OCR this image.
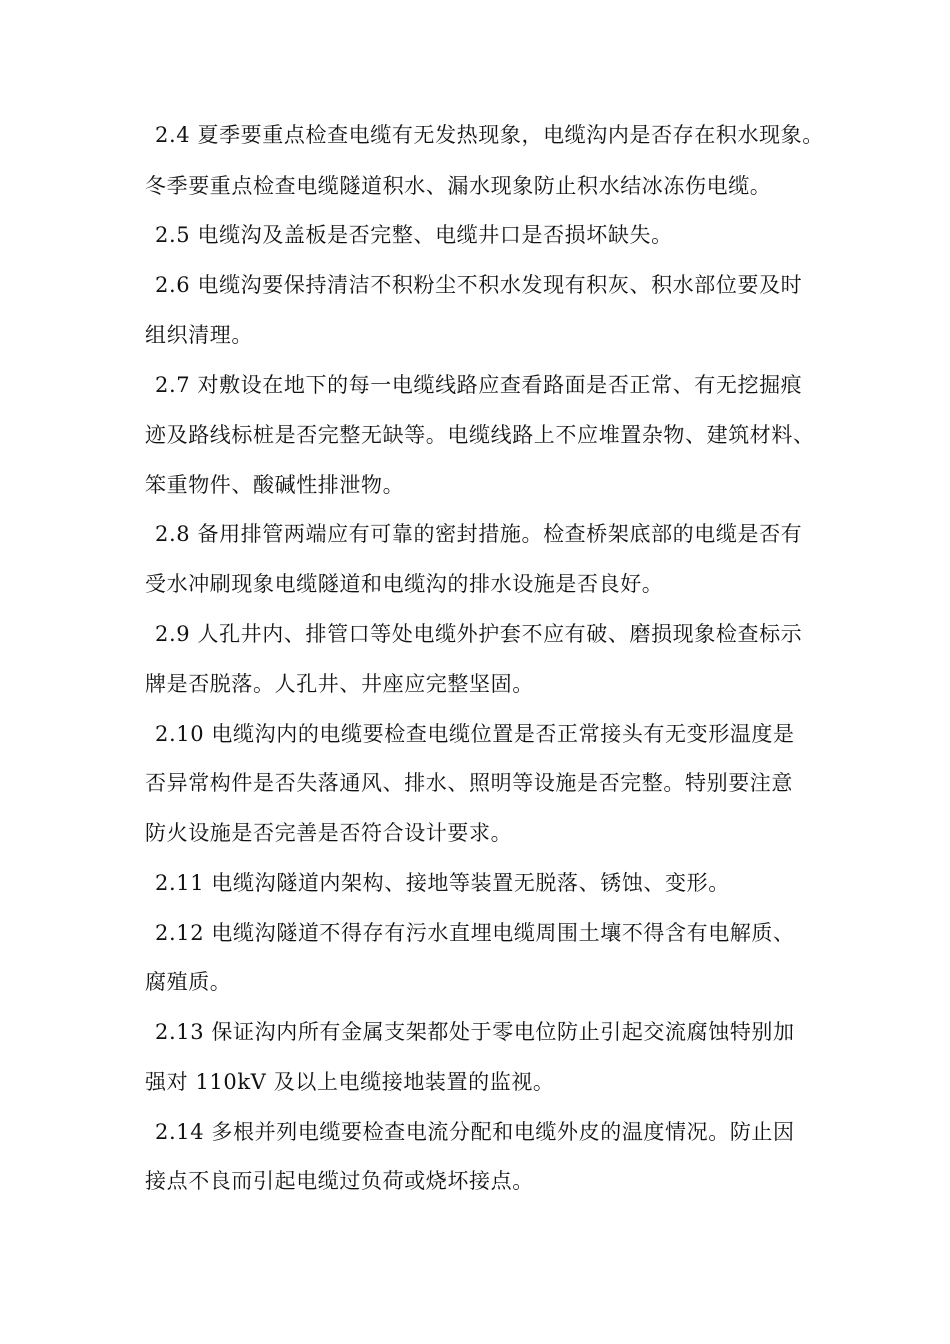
2.4 夏季要重点检查电缆有无发热现象，电缆沟内是否存在积水现象。
冬季要重点检查电缆隧道积水、漏水现象防止积水结冰冻伤电缆。
2.5 电缆沟及盖板是否完整、电缆井口是否损坏缺失。
2.6 电缆沟要保持清洁不积粉尘不积水发现有积灰、积水部位要及时
组织清理。
2.7 对敷设在地下的每一电缆线路应查看路面是否正常、有无挖掘痕
迹及路线标桩是否完整无缺等。电缆线路上不应堆置杂物、建筑材料、
笨重物件、酸碱性排泄物。
2.8 备用排管两端应有可靠的密封措施。检查桥架底部的电缆是否有
受水冲刷现象电缆隧道和电缆沟的排水设施是否良好。
2.9 人孔井内、排管口等处电缆外护套不应有破、磨损现象检查标示
牌是否脱落。人孔井、井座应完整坚固。
2.10 电缆沟内的电缆要检查电缆位置是否正常接头有无变形温度是
否异常构件是否失落通风、排水、照明等设施是否完整。特别要注意
防火设施是否完善是否符合设计要求。
2.11 电缆沟隧道内架构、接地等装置无脱落、锈蚀、变形。
2.12 电缆沟隧道不得存有污水直埋电缆周围土壤不得含有电解质、
腐殖质。
2.13 保证沟内所有金属支架都处于零电位防止引起交流腐蚀特别加
强对 110kV 及以上电缆接地装置的监视。
2.14 多根并列电缆要检查电流分配和电缆外皮的温度情况。防止因
接点不良而引起电缆过负荷或烧坏接点。
